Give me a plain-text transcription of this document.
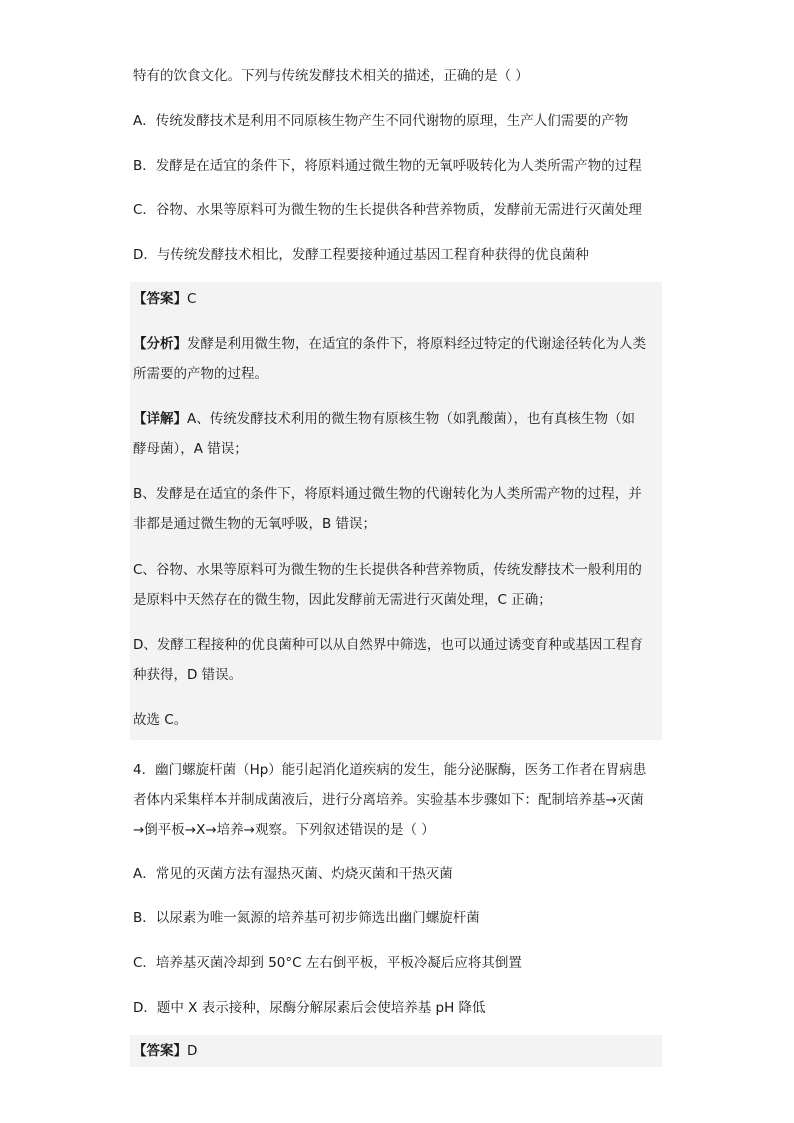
特有的饮食文化。下列与传统发酵技术相关的描述，正确的是（ ）
A．传统发酵技术是利用不同原核生物产生不同代谢物的原理，生产人们需要的产物
B．发酵是在适宜的条件下，将原料通过微生物的无氧呼吸转化为人类所需产物的过程
C．谷物、水果等原料可为微生物的生长提供各种营养物质，发酵前无需进行灭菌处理
D．与传统发酵技术相比，发酵工程要接种通过基因工程育种获得的优良菌种
【答案】C
【分析】发酵是利用微生物，在适宜的条件下，将原料经过特定的代谢途径转化为人类
所需要的产物的过程。
【详解】A、传统发酵技术利用的微生物有原核生物（如乳酸菌），也有真核生物（如
酵母菌），A 错误；
B、发酵是在适宜的条件下，将原料通过微生物的代谢转化为人类所需产物的过程，并
非都是通过微生物的无氧呼吸，B 错误；
C、谷物、水果等原料可为微生物的生长提供各种营养物质，传统发酵技术一般利用的
是原料中天然存在的微生物，因此发酵前无需进行灭菌处理，C 正确；
D、发酵工程接种的优良菌种可以从自然界中筛选，也可以通过诱变育种或基因工程育
种获得，D 错误。
故选 C。
4．幽门螺旋杆菌（Hp）能引起消化道疾病的发生，能分泌脲酶，医务工作者在胃病患
者体内采集样本并制成菌液后，进行分离培养。实验基本步骤如下：配制培养基→灭菌
→倒平板→X→培养→观察。下列叙述错误的是（ ）
A．常见的灭菌方法有湿热灭菌、灼烧灭菌和干热灭菌
B．以尿素为唯一氮源的培养基可初步筛选出幽门螺旋杆菌
C．培养基灭菌冷却到 50°C 左右倒平板，平板冷凝后应将其倒置
D．题中 X 表示接种，尿酶分解尿素后会使培养基 pH 降低
【答案】D
